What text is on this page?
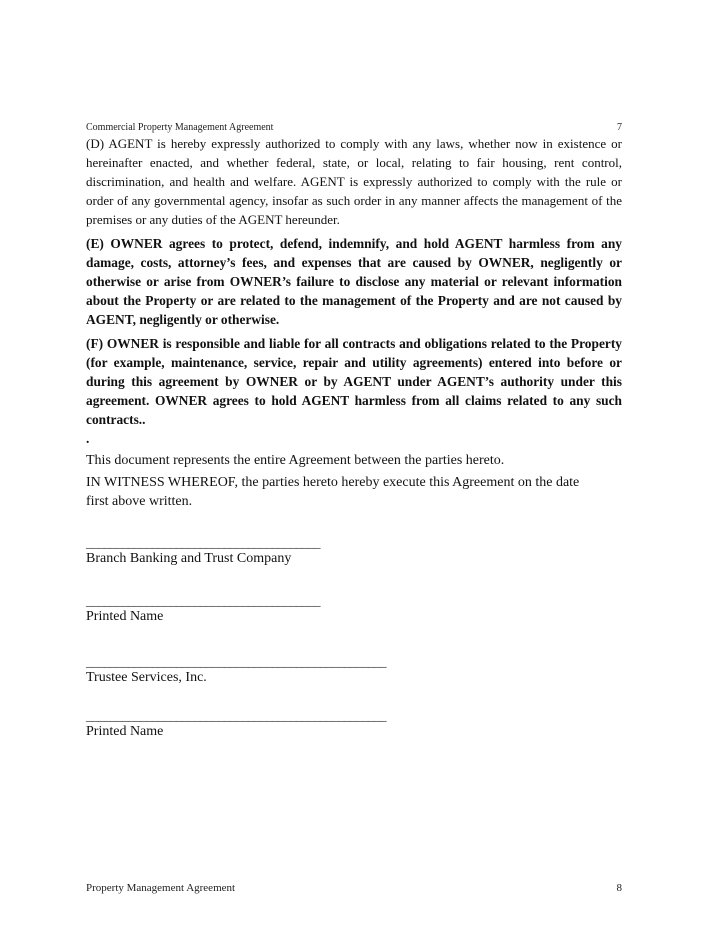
Commercial Property Management Agreement	7

(D) AGENT is hereby expressly authorized to comply with any laws, whether now in existence or hereinafter enacted, and whether federal, state, or local, relating to fair housing, rent control, discrimination, and health and welfare. AGENT is expressly authorized to comply with the rule or order of any governmental agency, insofar as such order in any manner affects the management of the premises or any duties of the AGENT hereunder.

(E) OWNER agrees to protect, defend, indemnify, and hold AGENT harmless from any damage, costs, attorney’s fees, and expenses that are caused by OWNER, negligently or otherwise or arise from OWNER’s failure to disclose any material or relevant information about the Property or are related to the management of the Property and are not caused by AGENT, negligently or otherwise.

(F) OWNER is responsible and liable for all contracts and obligations related to the Property (for example, maintenance, service, repair and utility agreements) entered into before or during this agreement by OWNER or by AGENT under AGENT’s authority under this agreement. OWNER agrees to hold AGENT harmless from all claims related to any such contracts..

.

This document represents the entire Agreement between the parties hereto.

IN WITNESS WHEREOF, the parties hereto hereby execute this Agreement on the date

first above written.

_______________________________________

Branch Banking and Trust Company

_______________________________________

Printed Name

__________________________________________________

Trustee Services, Inc.

__________________________________________________

Printed Name

Property Management Agreement	8
